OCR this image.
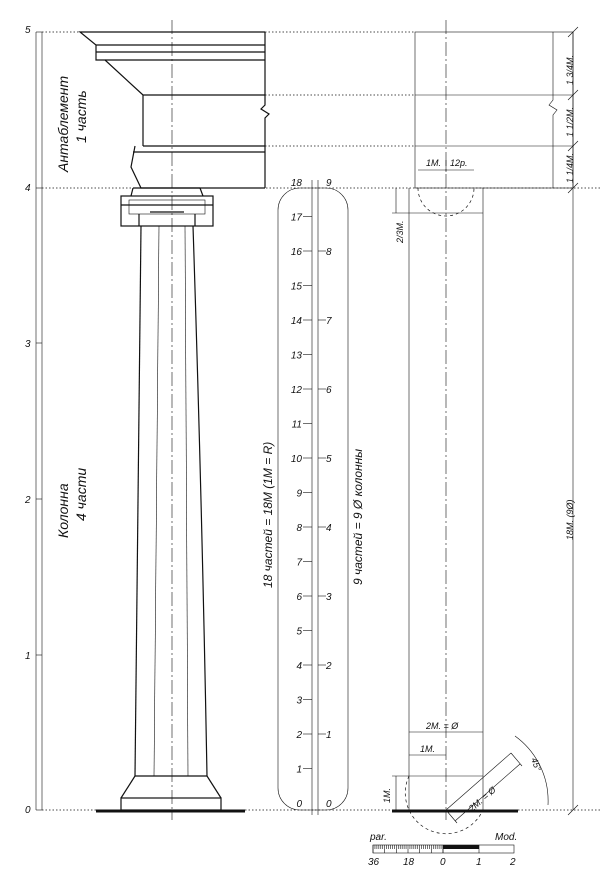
0
1
2
3
4
5
Антаблемент 1 часть
Колонна 4 части
0
1
2
3
4
5
6
7
8
9
10
11
12
13
14
15
16
17
18
0
1
2
3
4
5
6
7
8
9
18 частей = 18М (1М = R)	9 частей = 9 Ø колонны
1 3/4М.
1 1/2М.
1 1/4М.
18М. (9Ø)
1М. 12р.
2/3М.
2М. = Ø
1М.
1М.	2М. = Ø
45°
par.	Mod.
36 18	0	1	2
